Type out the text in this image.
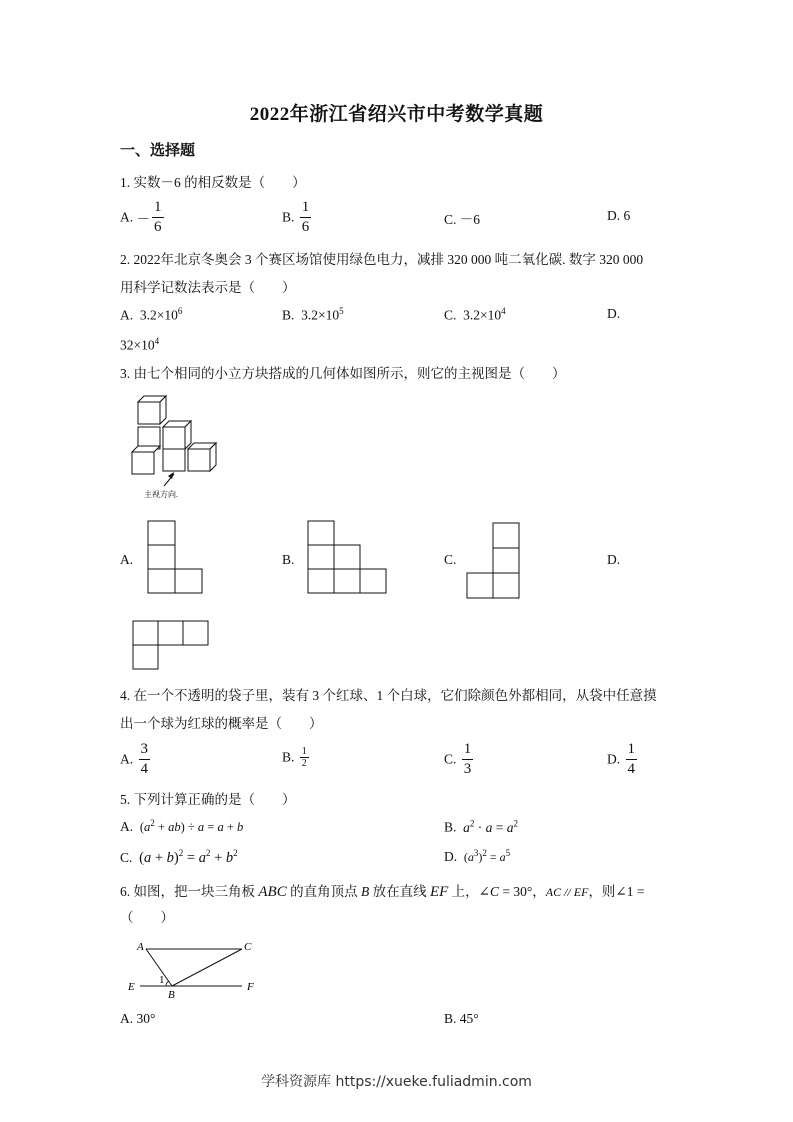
2022年浙江省绍兴市中考数学真题
一、选择题
1. 实数－6 的相反数是（　　）
A. － $\frac{1}{6}$	B. $\frac{1}{6}$	C. －6	D. 6
2. 2022年北京冬奥会 3 个赛区场馆使用绿色电力，减排 320 000 吨二氧化碳. 数字 320 000
用科学记数法表示是（　　）
A. $3.2\times 10^6$	B. $3.2\times 10^5$	C. $3.2\times 10^4$	D.
$32\times 10^4$
3. 由七个相同的小立方块搭成的几何体如图所示，则它的主视图是（　　）
主视方向.
A.	B.	C.	D.
4. 在一个不透明的袋子里，装有 3 个红球、1 个白球，它们除颜色外都相同，从袋中任意摸
出一个球为红球的概率是（　　）
A. $\frac{3}{4}$	B. $\frac{1}{2}$	C. $\frac{1}{3}$	D. $\frac{1}{4}$
5. 下列计算正确的是（　　）
A. $(a^2 + ab) \div a = a + b$	B. $a^2 \cdot a = a^2$
C. $(a + b)^2 = a^2 + b^2$	D. $(a^3)^2 = a^5$
6. 如图，把一块三角板 ABC 的直角顶点 B 放在直线 EF 上，∠C = 30°，AC // EF，则∠1 =
（　　）
A	C
E	F
B
1
A. 30°	B. 45°
学科资源库 https://xueke.fuliadmin.com
